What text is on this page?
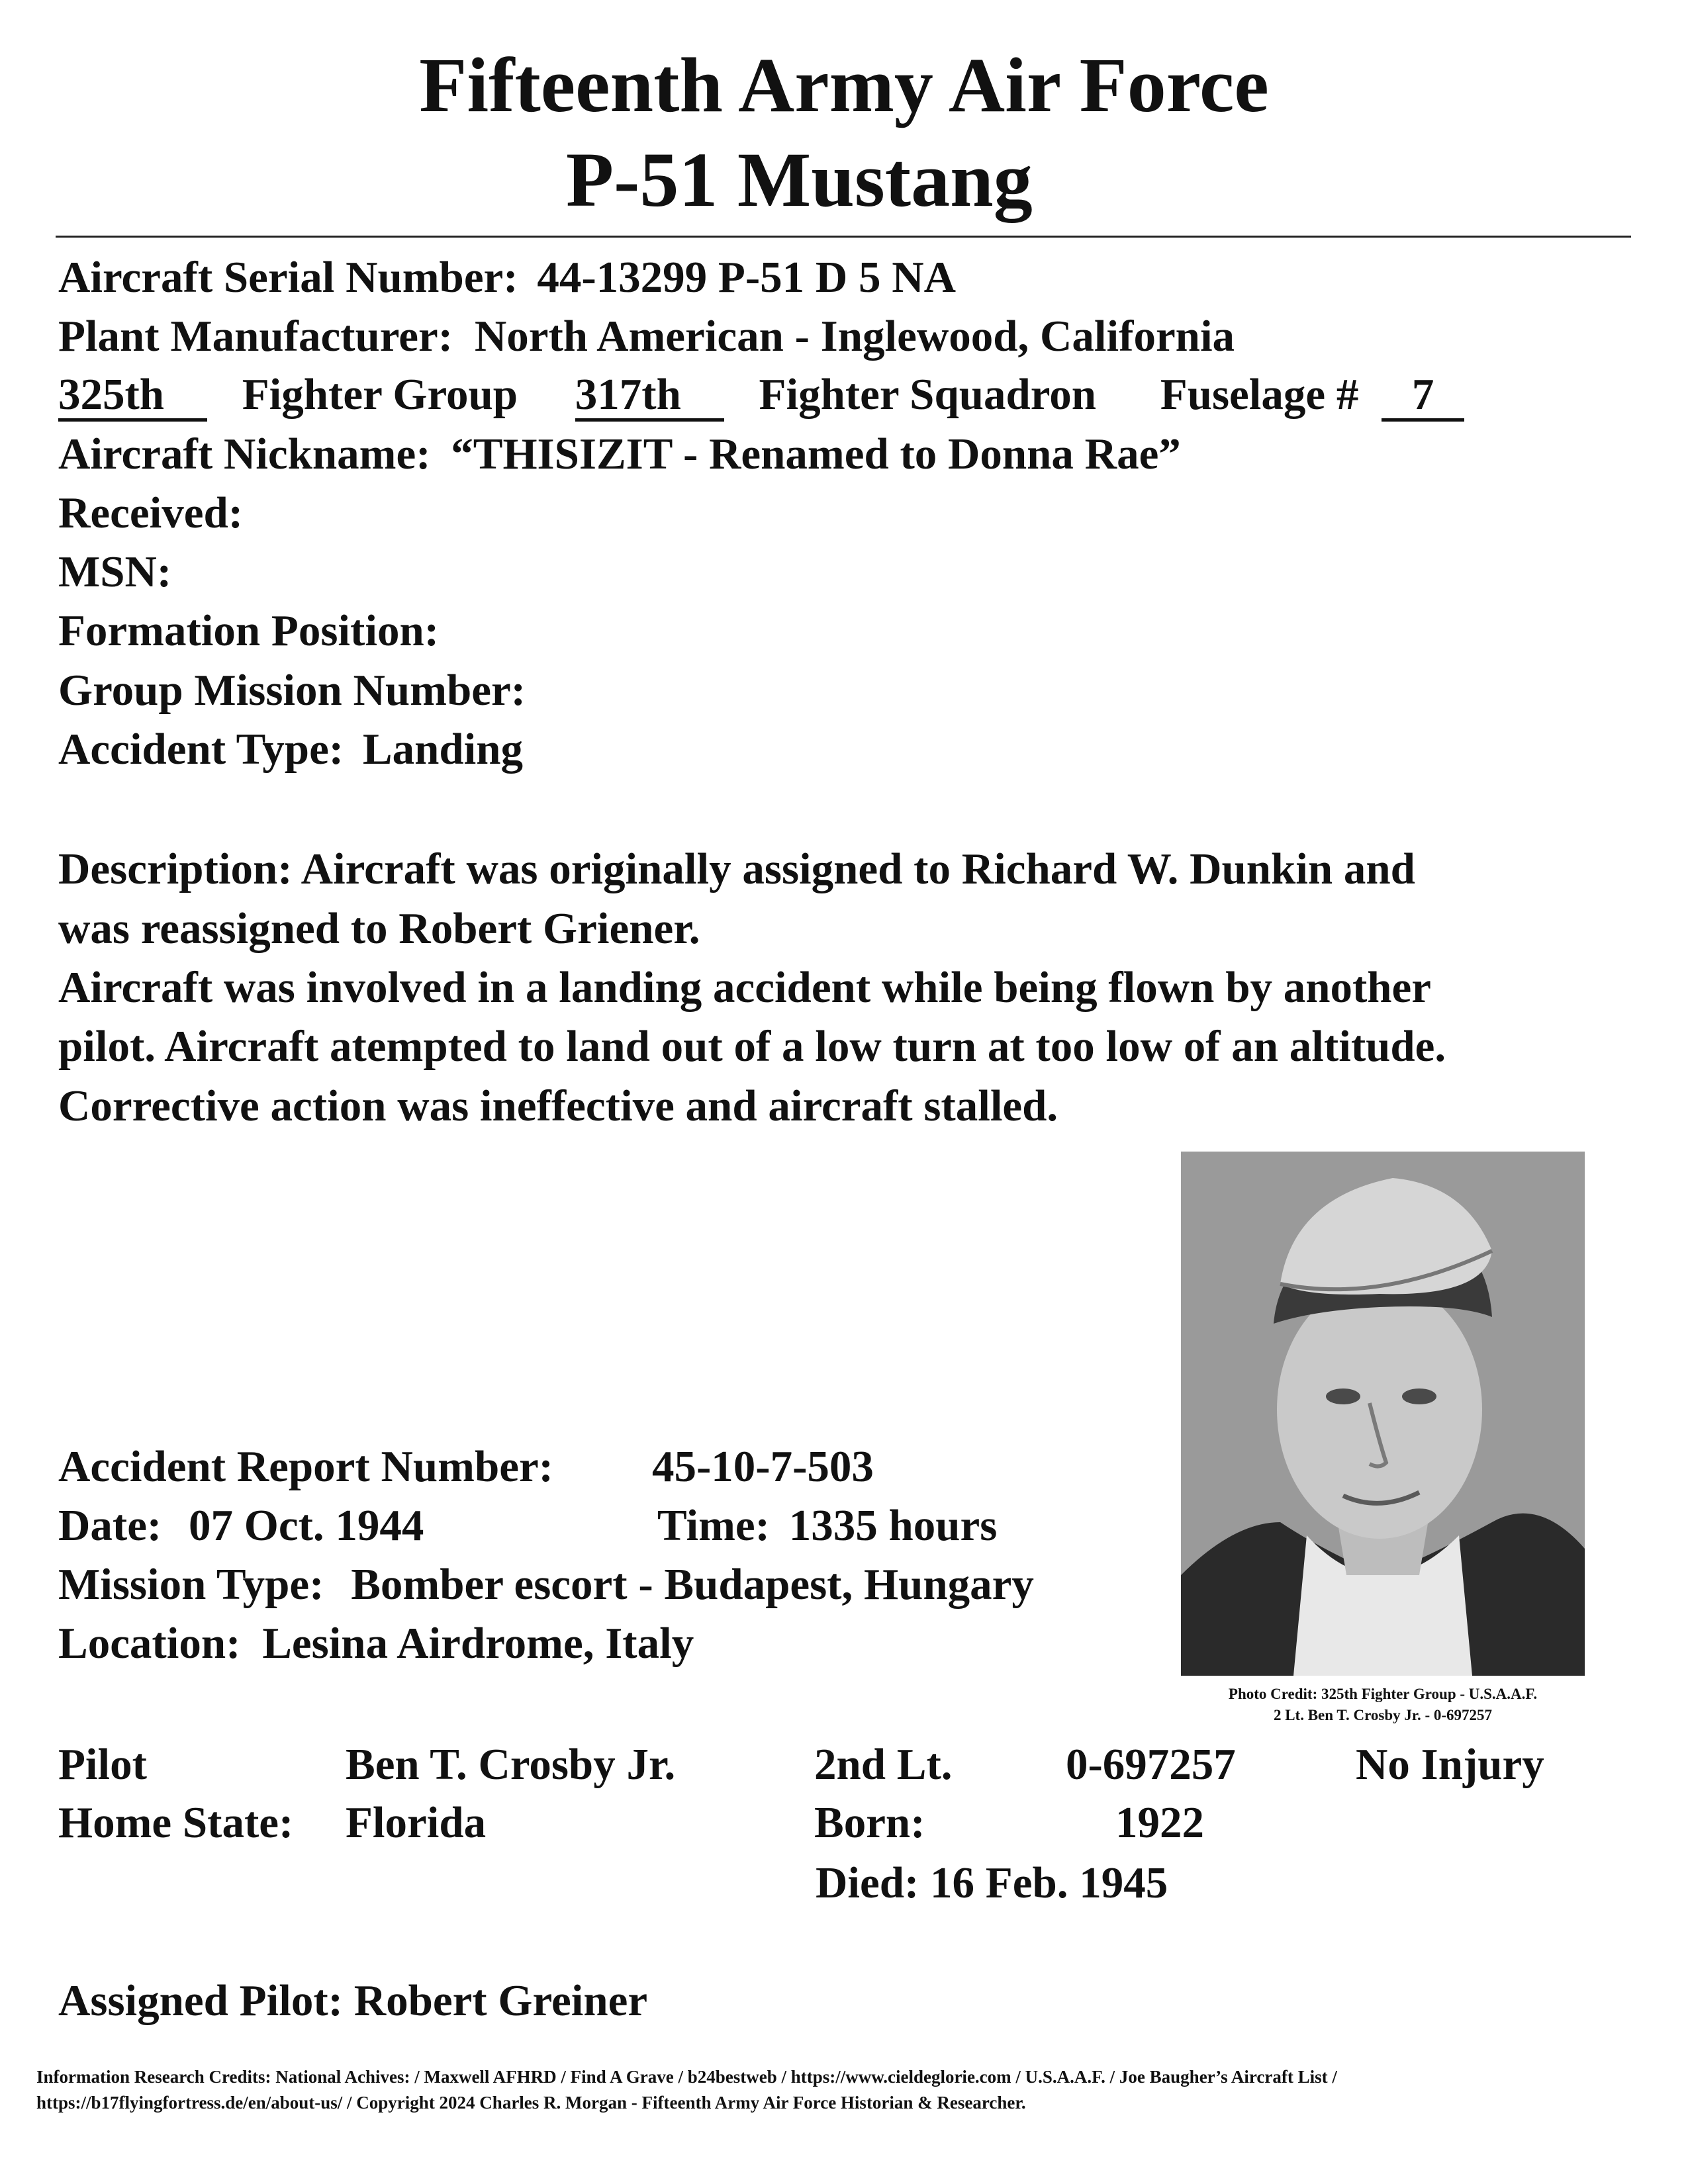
Fifteenth Army Air Force
P-51 Mustang
Aircraft Serial Number: 44-13299 P-51 D 5 NA
Plant Manufacturer: North American - Inglewood, California
325th Fighter Group 317th Fighter Squadron Fuselage # 7
Aircraft Nickname: “THISIZIT - Renamed to Donna Rae”
Received:
MSN:
Formation Position:
Group Mission Number:
Accident Type: Landing
Description: Aircraft was originally assigned to Richard W. Dunkin and
was reassigned to Robert Griener.
Aircraft was involved in a landing accident while being flown by another
pilot. Aircraft atempted to land out of a low turn at too low of an altitude.
Corrective action was ineffective and aircraft stalled.
Photo Credit: 325th Fighter Group - U.S.A.A.F.
2 Lt. Ben T. Crosby Jr. - 0-697257
Accident Report Number: 45-10-7-503
Date: 07 Oct. 1944	Time: 1335 hours
Mission Type: Bomber escort - Budapest, Hungary
Location: Lesina Airdrome, Italy
Pilot	Ben T. Crosby Jr.	2nd Lt.	0-697257	No Injury
Home State: Florida	Born:	1922
Died: 16 Feb. 1945
Assigned Pilot: Robert Greiner
Information Research Credits: National Achives: / Maxwell AFHRD / Find A Grave / b24bestweb / https://www.cieldeglorie.com / U.S.A.A.F. / Joe Baugher’s Aircraft List /
https://b17flyingfortress.de/en/about-us/ / Copyright 2024 Charles R. Morgan - Fifteenth Army Air Force Historian & Researcher.
